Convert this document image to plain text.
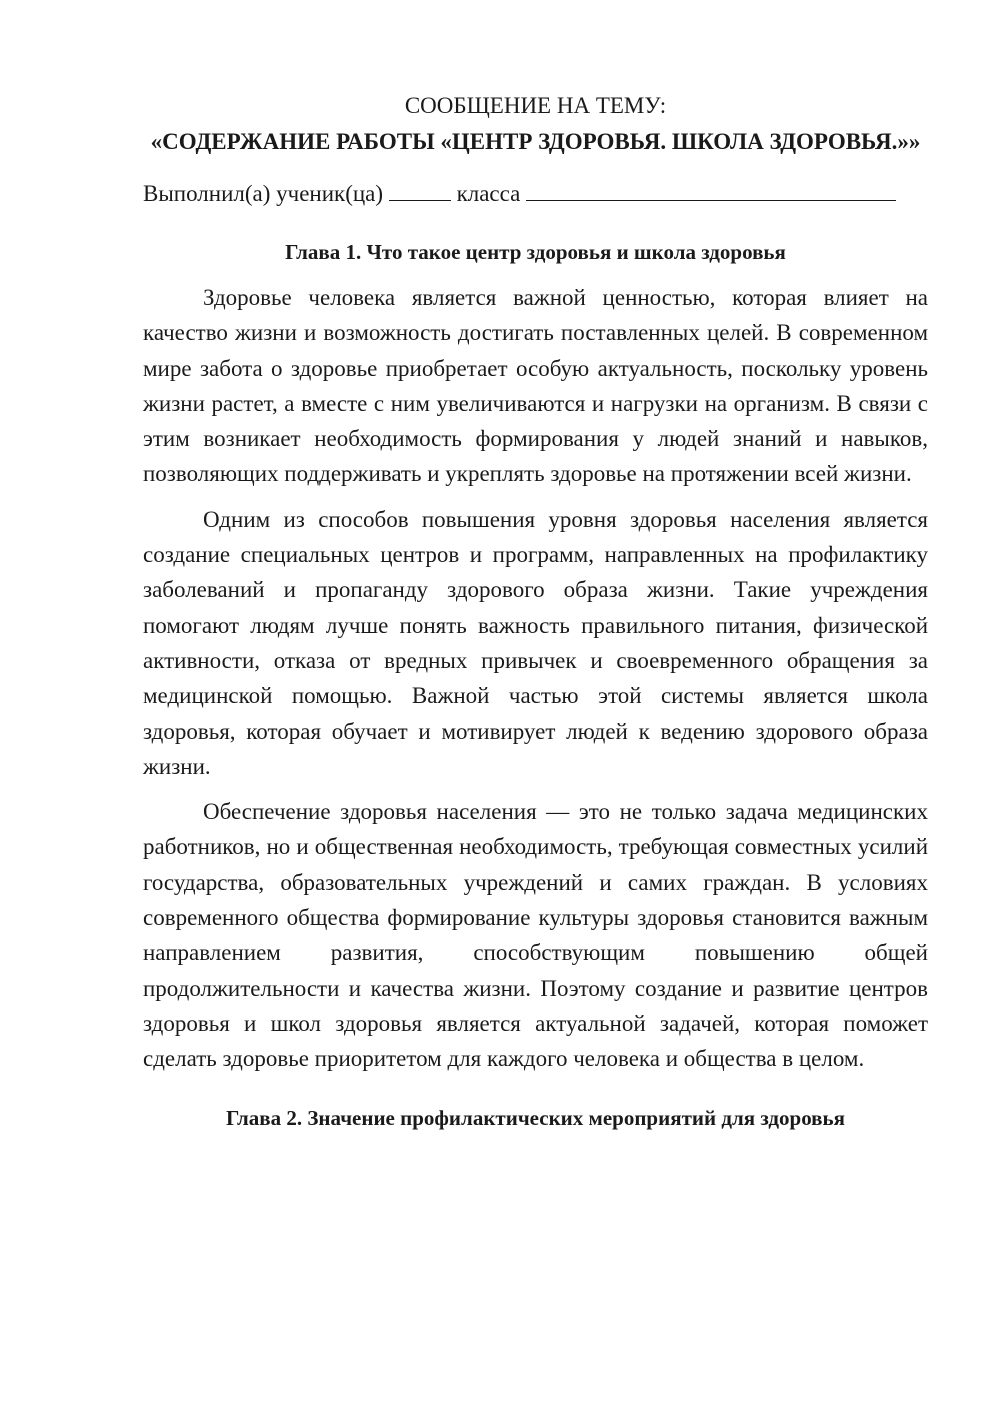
СООБЩЕНИЕ НА ТЕМУ:

«СОДЕРЖАНИЕ РАБОТЫ «ЦЕНТР ЗДОРОВЬЯ. ШКОЛА ЗДОРОВЬЯ.»»

Выполнил(а) ученик(ца)	класса

Глава 1. Что такое центр здоровья и школа здоровья

Здоровье человека является важной ценностью, которая влияет на качество жизни и возможность достигать поставленных целей. В современном мире забота о здоровье приобретает особую актуальность, поскольку уровень жизни растет, а вместе с ним увеличиваются и нагрузки на организм. В связи с этим возникает необходимость формирования у людей знаний и навыков, позволяющих поддерживать и укреплять здоровье на протяжении всей жизни.

Одним из способов повышения уровня здоровья населения является создание специальных центров и программ, направленных на профилактику заболеваний и пропаганду здорового образа жизни. Такие учреждения помогают людям лучше понять важность правильного питания, физической активности, отказа от вредных привычек и своевременного обращения за медицинской помощью. Важной частью этой системы является школа здоровья, которая обучает и мотивирует людей к ведению здорового образа жизни.

Обеспечение здоровья населения — это не только задача медицинских работников, но и общественная необходимость, требующая совместных усилий государства, образовательных учреждений и самих граждан. В условиях современного общества формирование культуры здоровья становится важным направлением развития, способствующим повышению общей продолжительности и качества жизни. Поэтому создание и развитие центров здоровья и школ здоровья является актуальной задачей, которая поможет сделать здоровье приоритетом для каждого человека и общества в целом.

Глава 2. Значение профилактических мероприятий для здоровья
